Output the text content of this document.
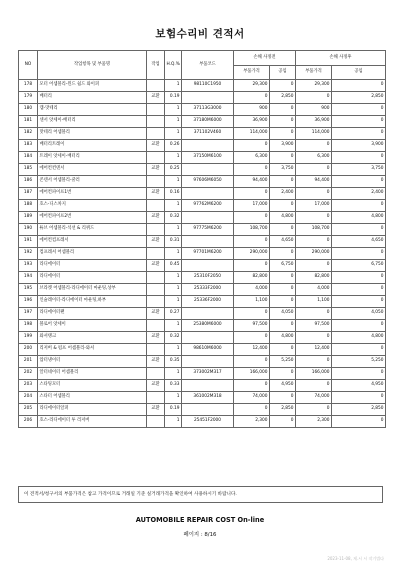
보험수리비 견적서
NO	작업항목 및 부품명	작업	H.Q.%	부품코드	손해 사정전		손해 사정후	
					부품가격	공임	부품가격	공임
178	모터 어셈블리-윈드 쉴드 와이퍼		1	98110C1950	29,300	0	29,300	0
179	배터리	교환	0.19		0	2,850	0	2,850
180	캡-맛테리		1	37113G3000	900	0	900	0
181	센서 앗세이-배터리		1	37180M6000	36,900	0	36,900	0
182	맛테리 어셈블리		1	371102V460	114,000	0	114,000	0
183	배터리트레이	교환	0.26		0	3,900	0	3,900
184	트레이 앗세이-배터리		1	37150M6100	6,300	0	6,300	0
185	에어컨컨덴서	교환	0.25		0	3,750	0	3,750
186	콘덴서 어셈블리-쿨러		1	97606M6050	94,400	0	94,400	0
187	에어컨파이프1번	교환	0.16		0	2,400	0	2,400
188	호스-디스차지		1	97762M6200	17,000	0	17,000	0
189	에어컨파이프2번	교환	0.32		0	4,800	0	4,800
190	튜브 어셈블리-석션 & 리퀴드		1	97775M6200	108,700	0	108,700	0
191	에어컨컴프레서	교환	0.31		0	4,650	0	4,650
192	컴프레셔 어셈블리		1	97701M6200	290,000	0	290,000	0
193	라디에이터	교환	0.45		0	6,750	0	6,750
194	라디에이터		1	25310F2050	82,800	0	82,800	0
195	브라켓 어셈블리-라디에이터 마운팅,상부		1	25333F2000	4,000	0	4,000	0
196	인슐레이터-라디에이터 마운팅,하부		1	25336F2000	1,100	0	1,100	0
197	라디에이터팬	교환	0.27		0	4,050	0	4,050
198	블로어 앗세이		1	25380M6000	97,500	0	97,500	0
199	와셔탱크	교환	0.32		0	4,800	0	4,800
200	리저버 & 펌프 어셈블리-와셔		1	98610M6000	12,400	0	12,400	0
201	압터냉이터	교환	0.35		0	5,250	0	5,250
202	알터네이터 어셈블리		1	373002M317	166,000	0	166,000	0
203	스타팅모터	교환	0.33		0	4,950	0	4,950
204	스타터 어셈블리		1	361002M318	74,000	0	74,000	0
205	라디에이터알퍼	교환	0.19		0	2,850	0	2,850
206	호스-라디에이터 투 리저버		1	25451F2000	2,300	0	2,300	0
이 견적서/청구서의 부품가격은 참고 가격이므로 거래일 기준 실거래가격을 확인하여 사용하시기 바랍니다.
AUTOMOBILE REPAIR COST On-line
페이지 : 8/16
2023-11-08, 제.시 시 작기법다
